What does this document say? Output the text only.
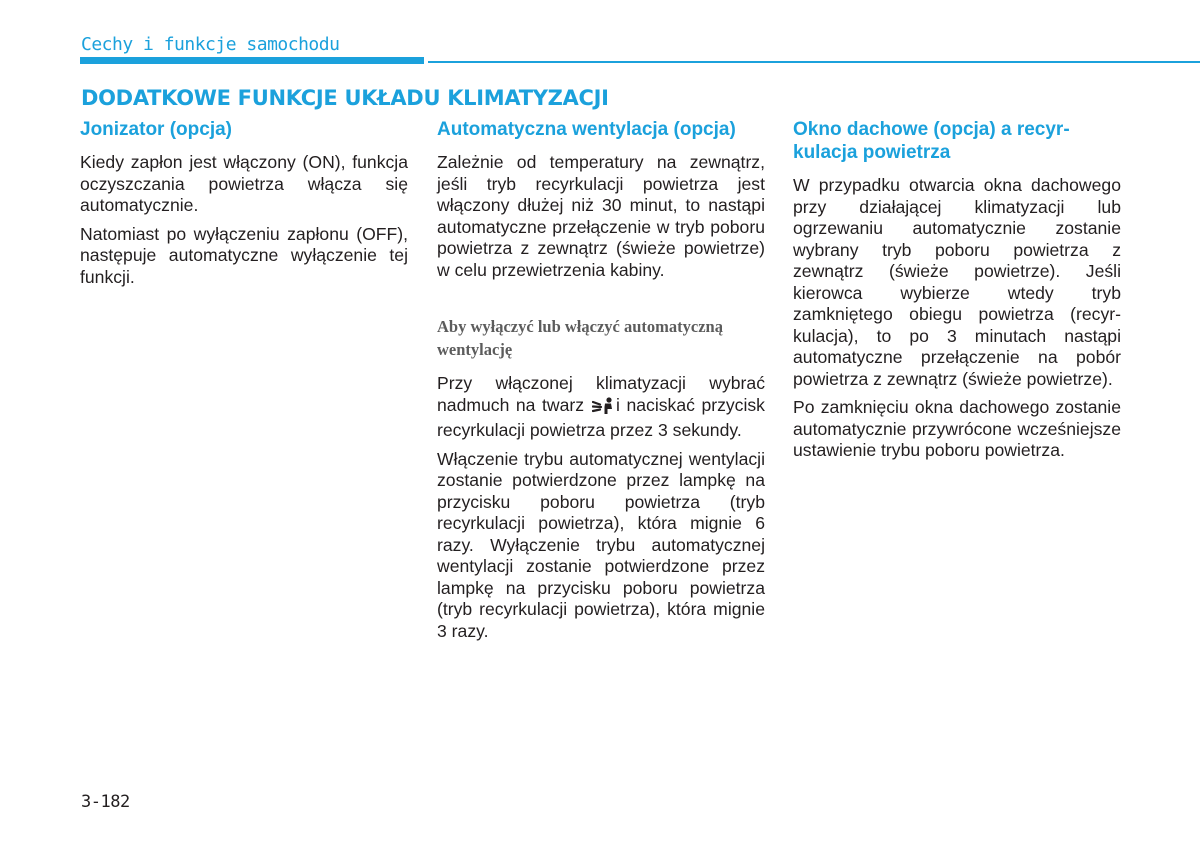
Cechy i funkcje samochodu
DODATKOWE FUNKCJE UKŁADU KLIMATYZACJI
Jonizator (opcja)

Kiedy zapłon jest włączony (ON), funkcja oczyszczania powietrza włącza się automatycznie.

Natomiast po wyłączeniu zapłonu (OFF), następuje automatyczne wyłączenie tej funkcji.

Automatyczna wentylacja (opcja)

Zależnie od temperatury na zewnątrz, jeśli tryb recyrkulacji powietrza jest włączony dłużej niż 30 minut, to nastąpi automatyczne przełączenie w tryb poboru powietrza z zewnątrz (świeże powietrze) w celu przewietrzenia kabiny.

Aby wyłączyć lub włączyć automatyczną wentylację

Przy włączonej klimatyzacji wybrać nadmuch na twarz i naciskać przycisk recyrkulacji powietrza przez 3 sekundy.

Włączenie trybu automatycznej wentylacji zostanie potwierdzone przez lampkę na przycisku poboru powietrza (tryb recyrkulacji powietrza), która mignie 6 razy. Wyłączenie trybu automatycznej wentylacji zostanie potwierdzone przez lampkę na przycisku poboru powietrza (tryb recyrkulacji powietrza), która mignie 3 razy.

Okno dachowe (opcja) a recyrkulacja powietrza

W przypadku otwarcia okna dachowego przy działającej klimatyzacji lub ogrzewaniu automatycznie zostanie wybrany tryb poboru powietrza z zewnątrz (świeże powietrze). Jeśli kierowca wybierze wtedy tryb zamkniętego obiegu powietrza (recyrkulacja), to po 3 minutach nastąpi automatyczne przełączenie na pobór powietrza z zewnątrz (świeże powietrze).

Po zamknięciu okna dachowego zostanie automatycznie przywrócone wcześniejsze ustawienie trybu poboru powietrza.

3-182
